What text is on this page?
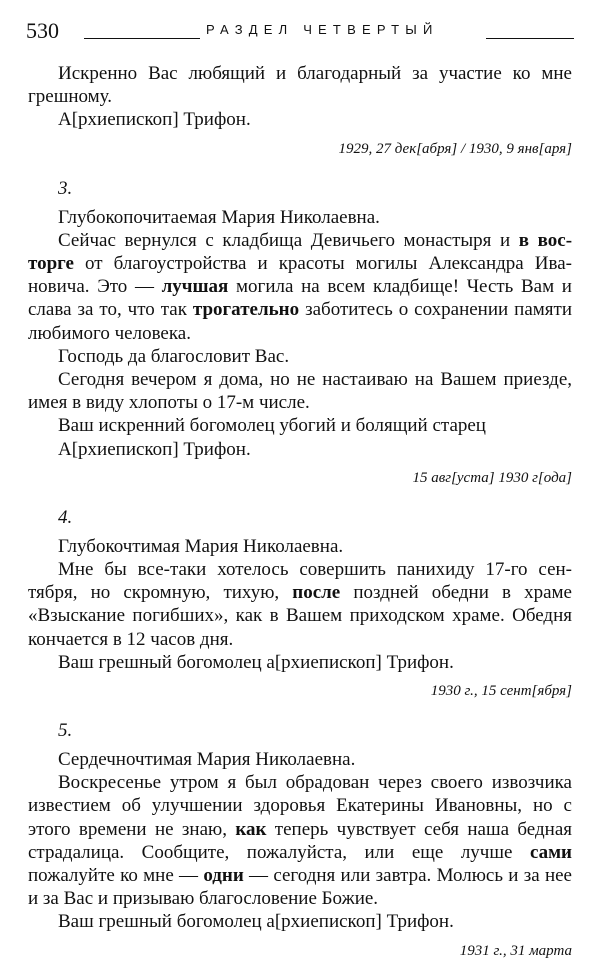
530	РАЗДЕЛ ЧЕТВЕРТЫЙ

Искренно Вас любящий и благодарный за участие ко мне грешному.

А[рхиепископ] Трифон.

1929, 27 дек[абря] / 1930, 9 янв[аря]
3.

Глубокопочитаемая Мария Николаевна.

Сейчас вернулся с кладбища Девичьего монастыря и в восторге от благоустройства и красоты могилы Александра Ивановича. Это — лучшая могила на всем кладбище! Честь Вам и слава за то, что так трогательно заботитесь о сохранении памяти любимого человека.

Господь да благословит Вас.

Сегодня вечером я дома, но не настаиваю на Вашем приезде, имея в виду хлопоты о 17-м числе.

Ваш искренний богомолец убогий и болящий старец

А[рхиепископ] Трифон.

15 авг[уста] 1930 г[ода]
4.

Глубокочтимая Мария Николаевна.

Мне бы все-таки хотелось совершить панихиду 17-го сентября, но скромную, тихую, после поздней обедни в храме «Взыскание погибших», как в Вашем приходском храме. Обедня кончается в 12 часов дня.

Ваш грешный богомолец а[рхиепископ] Трифон.

1930 г., 15 сент[ября]
5.

Сердечночтимая Мария Николаевна.

Воскресенье утром я был обрадован через своего извозчика известием об улучшении здоровья Екатерины Ивановны, но с этого времени не знаю, как теперь чувствует себя наша бедная страдалица. Сообщите, пожалуйста, или еще лучше сами пожалуйте ко мне — одни — сегодня или завтра. Молюсь и за нее и за Вас и призываю благословение Божие.

Ваш грешный богомолец а[рхиепископ] Трифон.

1931 г., 31 марта
